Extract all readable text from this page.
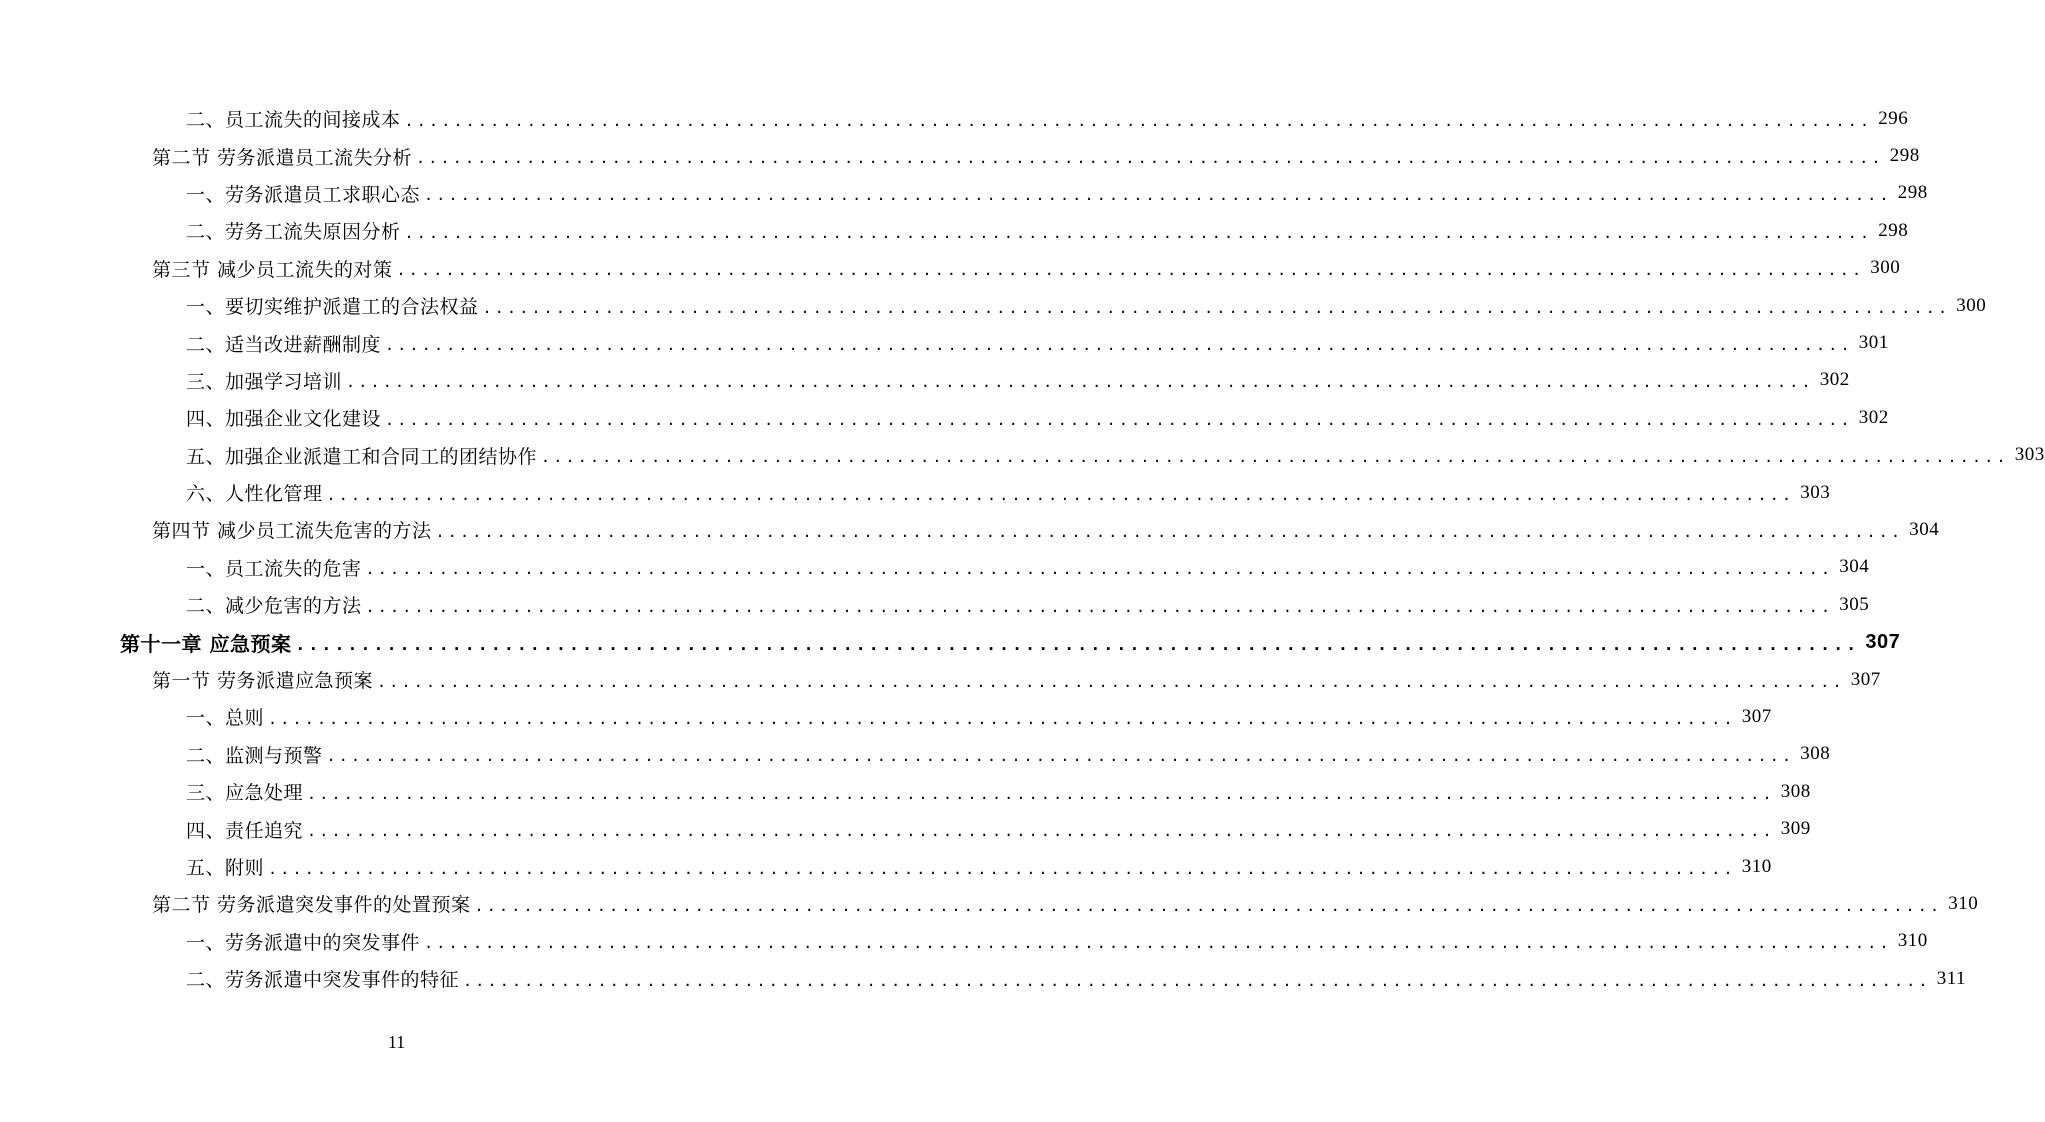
二、员工流失的间接成本 ........................................................................................................................ 296
第二节 劳务派遣员工流失分析 ........................................................................................................................ 298
一、劳务派遣员工求职心态 ........................................................................................................................ 298
二、劳务工流失原因分析 ........................................................................................................................ 298
第三节 减少员工流失的对策 ........................................................................................................................ 300
一、要切实维护派遣工的合法权益 ........................................................................................................................ 300
二、适当改进薪酬制度 ........................................................................................................................ 301
三、加强学习培训 ........................................................................................................................ 302
四、加强企业文化建设 ........................................................................................................................ 302
五、加强企业派遣工和合同工的团结协作 ........................................................................................................................ 303
六、人性化管理 ........................................................................................................................ 303
第四节 减少员工流失危害的方法 ........................................................................................................................ 304
一、员工流失的危害 ........................................................................................................................ 304
二、减少危害的方法 ........................................................................................................................ 305
第十一章 应急预案 ........................................................................................................................ 307
第一节 劳务派遣应急预案 ........................................................................................................................ 307
一、总则 ........................................................................................................................ 307
二、监测与预警 ........................................................................................................................ 308
三、应急处理 ........................................................................................................................ 308
四、责任追究 ........................................................................................................................ 309
五、附则 ........................................................................................................................ 310
第二节 劳务派遣突发事件的处置预案 ........................................................................................................................ 310
一、劳务派遣中的突发事件 ........................................................................................................................ 310
二、劳务派遣中突发事件的特征 ........................................................................................................................ 311
11
